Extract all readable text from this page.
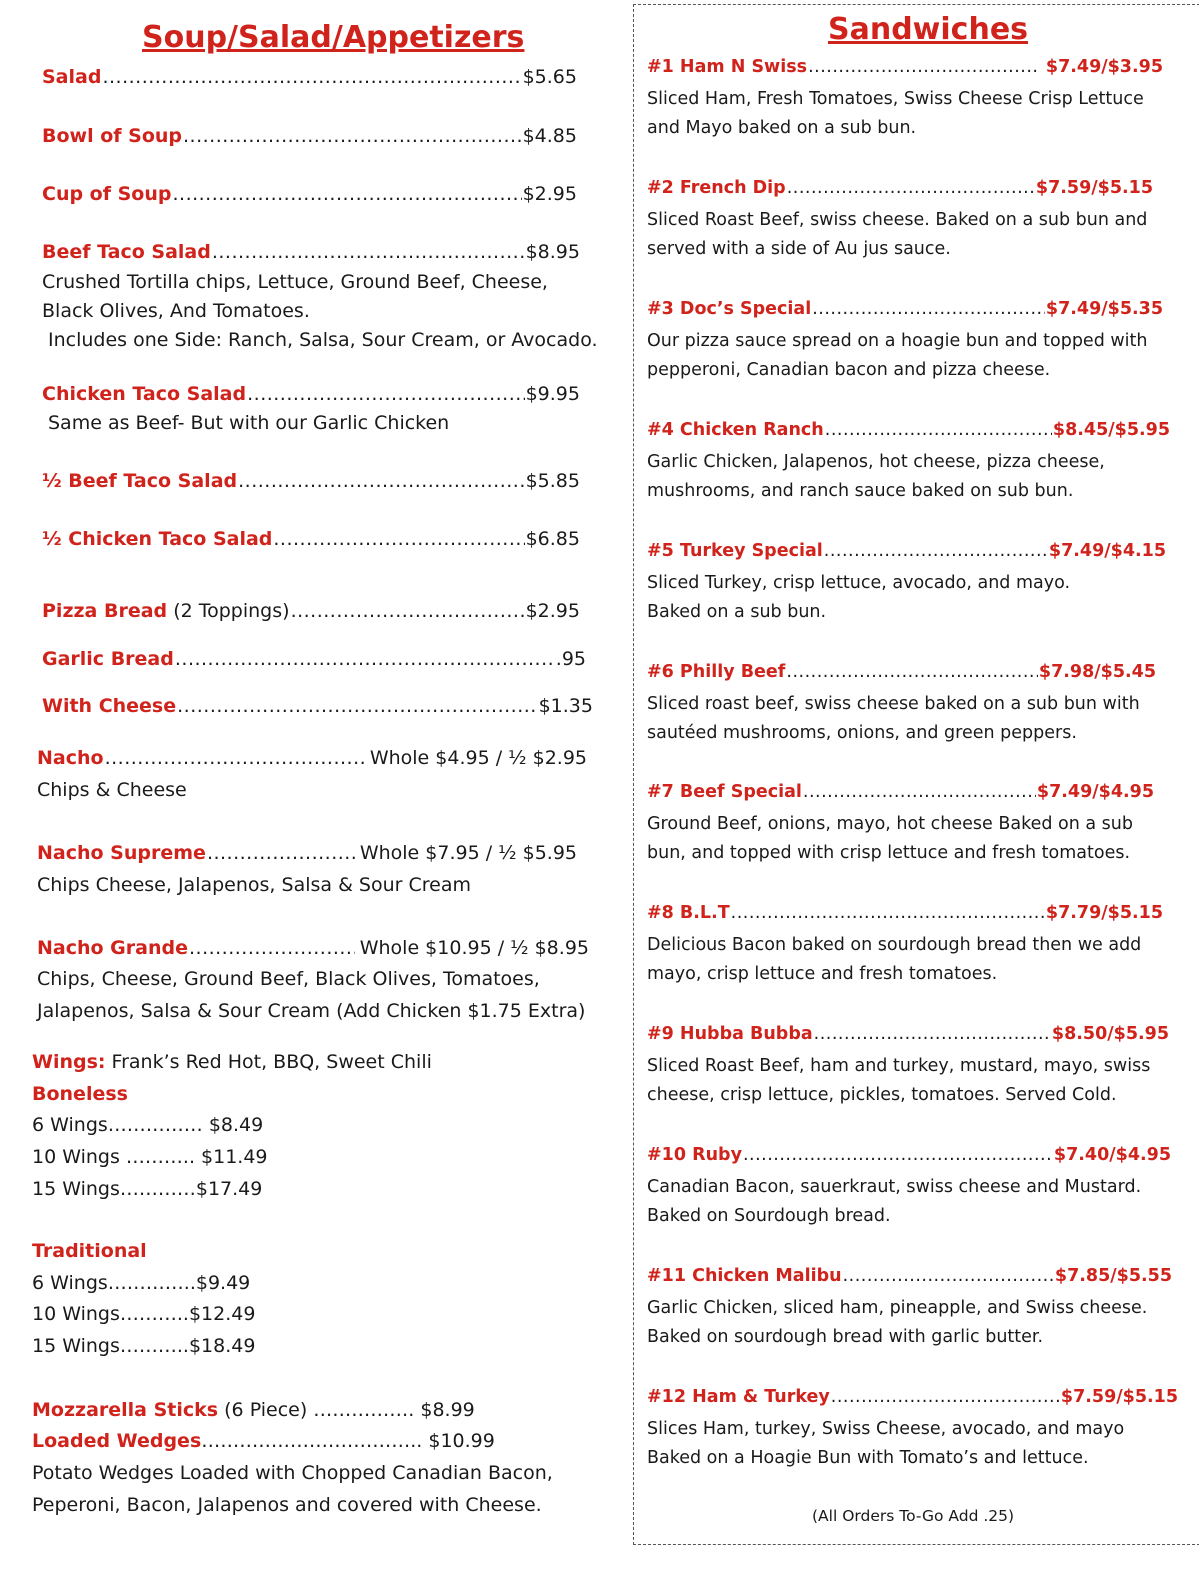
Soup/Salad/Appetizers
Salad .....	$5.65
Bowl of Soup .....	$4.85
Cup of Soup .....	$2.95
Beef Taco Salad .....	$8.95
Crushed Tortilla chips, Lettuce, Ground Beef, Cheese,
Black Olives, And Tomatoes.
Includes one Side: Ranch, Salsa, Sour Cream, or Avocado.
Chicken Taco Salad .....	$9.95
Same as Beef- But with our Garlic Chicken
½ Beef Taco Salad .....	$5.85
½ Chicken Taco Salad .....	$6.85
Pizza Bread (2 Toppings) .....	$2.95
Garlic Bread .....	.95
With Cheese .....	$1.35
Nacho .....	Whole $4.95 / ½ $2.95
Chips & Cheese
Nacho Supreme .....	Whole $7.95 / ½ $5.95
Chips Cheese, Jalapenos, Salsa & Sour Cream
Nacho Grande .....	Whole $10.95 / ½ $8.95
Chips, Cheese, Ground Beef, Black Olives, Tomatoes,
Jalapenos, Salsa & Sour Cream (Add Chicken $1.75 Extra)
Wings: Frank’s Red Hot, BBQ, Sweet Chili
Boneless
6 Wings…………… $8.49
10 Wings ……….. $11.49
15 Wings…………$17.49
Traditional
6 Wings…………..$9.49
10 Wings………..$12.49
15 Wings………..$18.49
Mozzarella Sticks (6 Piece) ……………. $8.99
Loaded Wedges…………………………….. $10.99
Potato Wedges Loaded with Chopped Canadian Bacon,
Peperoni, Bacon, Jalapenos and covered with Cheese.
Sandwiches
#1 Ham N Swiss .....	$7.49/$3.95
Sliced Ham, Fresh Tomatoes, Swiss Cheese Crisp Lettuce
and Mayo baked on a sub bun.
#2 French Dip .....	$7.59/$5.15
Sliced Roast Beef, swiss cheese. Baked on a sub bun and
served with a side of Au jus sauce.
#3 Doc’s Special .....	$7.49/$5.35
Our pizza sauce spread on a hoagie bun and topped with
pepperoni, Canadian bacon and pizza cheese.
#4 Chicken Ranch .....	$8.45/$5.95
Garlic Chicken, Jalapenos, hot cheese, pizza cheese,
mushrooms, and ranch sauce baked on sub bun.
#5 Turkey Special .....	$7.49/$4.15
Sliced Turkey, crisp lettuce, avocado, and mayo.
Baked on a sub bun.
#6 Philly Beef .....	$7.98/$5.45
Sliced roast beef, swiss cheese baked on a sub bun with
sautéed mushrooms, onions, and green peppers.
#7 Beef Special .....	$7.49/$4.95
Ground Beef, onions, mayo, hot cheese Baked on a sub
bun, and topped with crisp lettuce and fresh tomatoes.
#8 B.L.T .....	$7.79/$5.15
Delicious Bacon baked on sourdough bread then we add
mayo, crisp lettuce and fresh tomatoes.
#9 Hubba Bubba .....	$8.50/$5.95
Sliced Roast Beef, ham and turkey, mustard, mayo, swiss
cheese, crisp lettuce, pickles, tomatoes. Served Cold.
#10 Ruby .....	$7.40/$4.95
Canadian Bacon, sauerkraut, swiss cheese and Mustard.
Baked on Sourdough bread.
#11 Chicken Malibu .....	$7.85/$5.55
Garlic Chicken, sliced ham, pineapple, and Swiss cheese.
Baked on sourdough bread with garlic butter.
#12 Ham & Turkey .....	$7.59/$5.15
Slices Ham, turkey, Swiss Cheese, avocado, and mayo
Baked on a Hoagie Bun with Tomato’s and lettuce.
(All Orders To-Go Add .25)
